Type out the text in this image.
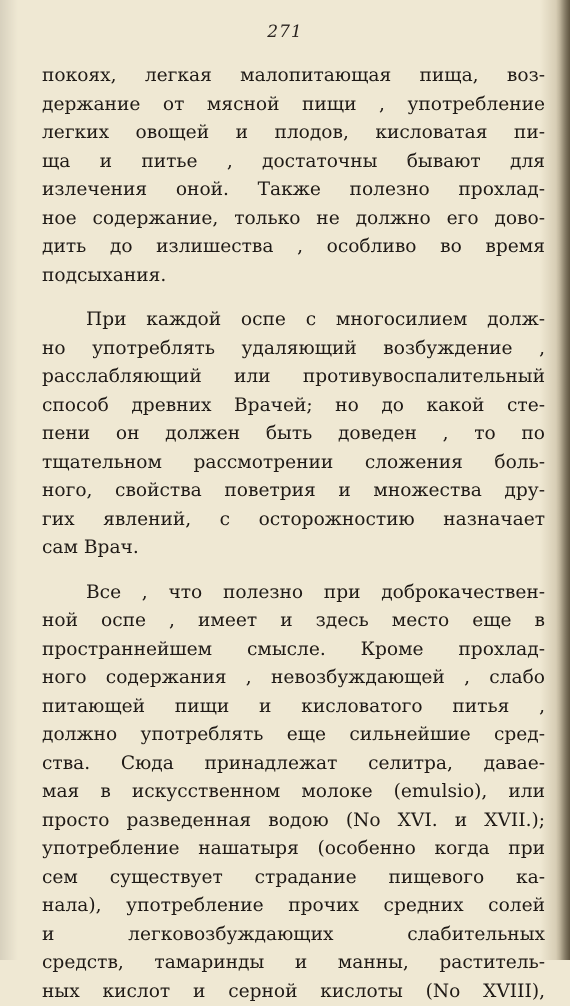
271
покоях, легкая малопитающая пища, воз-
держание от мясной пищи , употребление
легких овощей и плодов, кисловатая пи-
ща и питье , достаточны бывают для
излечения оной. Также полезно прохлад-
ное содержание, только не должно его дово-
дить до излишества , особливо во время
подсыхания.
При каждой оспе с многосилием долж-
но употреблять удаляющий возбуждение ,
расслабляющий или противувоспалительный
способ древних Врачей; но до какой сте-
пени он должен быть доведен , то по
тщательном рассмотрении сложения боль-
ного, свойства поветрия и множества дру-
гих явлений, с осторожностию назначает
сам Врач.
Все , что полезно при доброкачествен-
ной оспе , имеет и здесь место еще в
пространнейшем смысле. Кроме прохлад-
ного содержания , невозбуждающей , слабо
питающей пищи и кисловатого питья ,
должно употреблять еще сильнейшие сред-
ства. Сюда принадлежат селитра, давае-
мая в искусственном молоке (emulsio), или
просто разведенная водою (No XVI. и XVII.);
употребление нашатыря (особенно когда при
сем существует страдание пищевого ка-
нала), употребление прочих средних солей
и легковозбуждающих слабительных
средств, тамаринды и манны, раститель-
ных кислот и серной кислоты (No XVIII),
